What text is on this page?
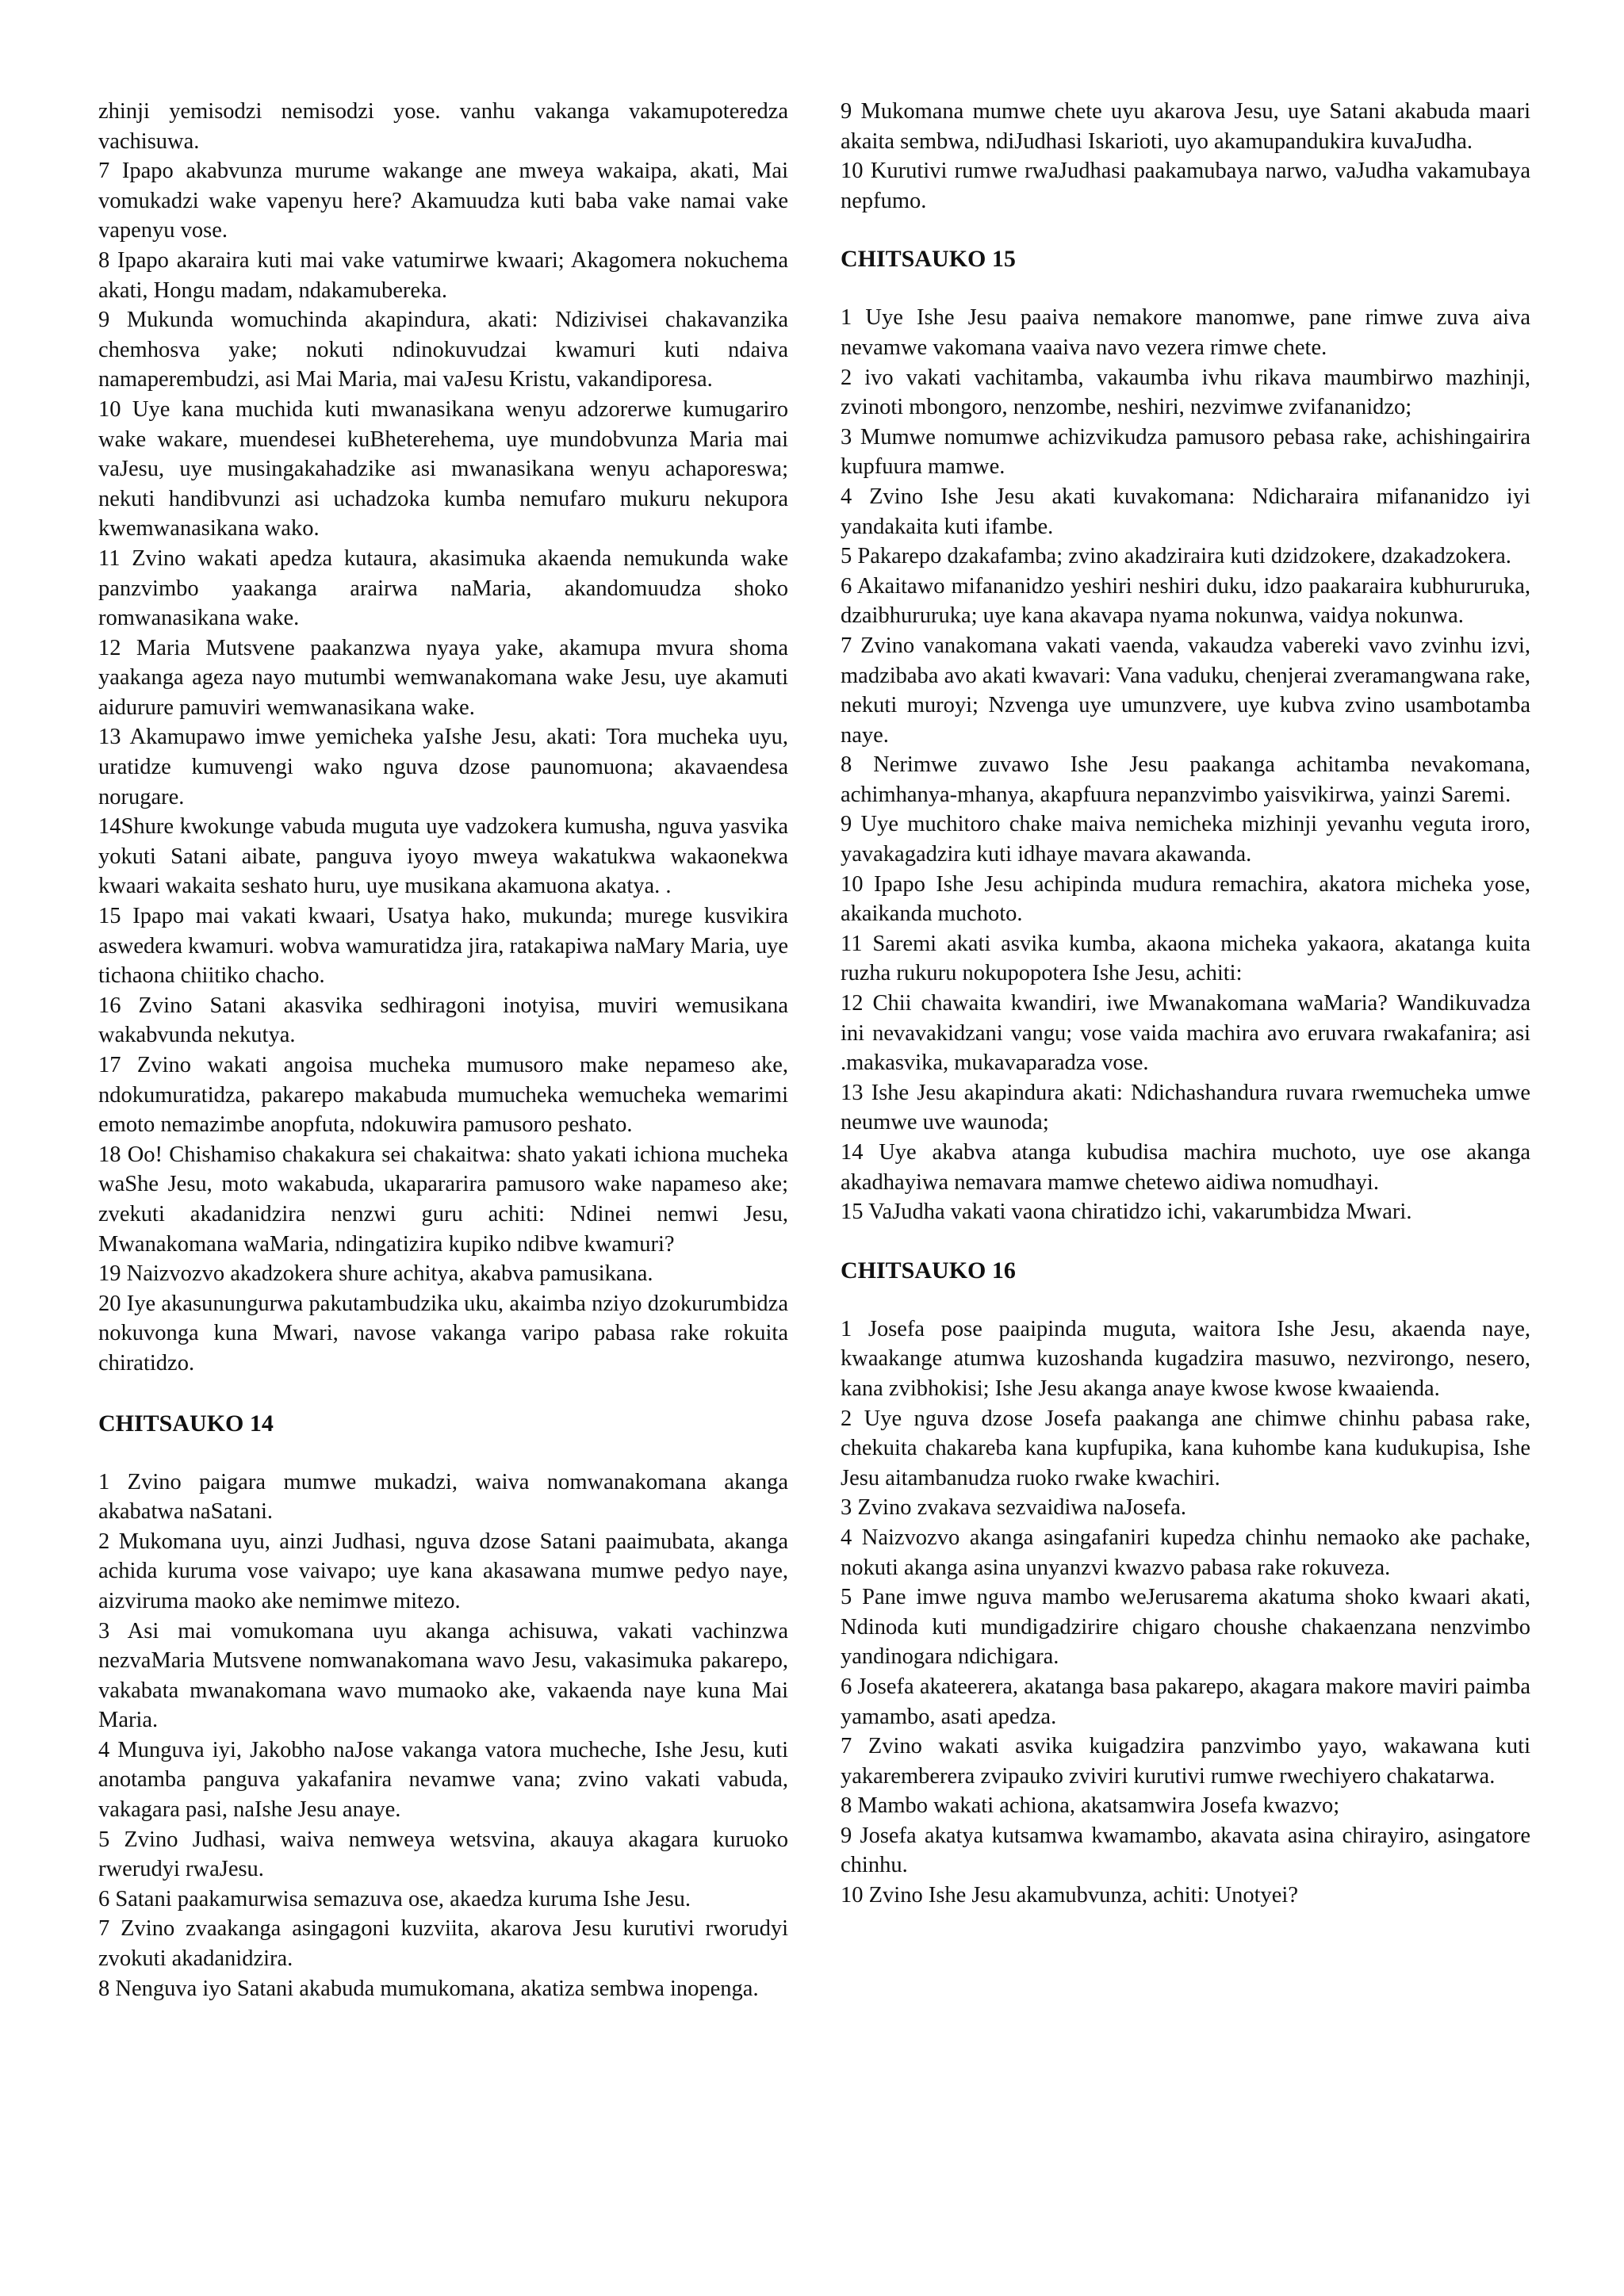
zhinji yemisodzi nemisodzi yose. vanhu vakanga vakamupoteredza vachisuwa.

7 Ipapo akabvunza murume wakange ane mweya wakaipa, akati, Mai vomukadzi wake vapenyu here? Akamuudza kuti baba vake namai vake vapenyu vose.

8 Ipapo akaraira kuti mai vake vatumirwe kwaari; Akagomera nokuchema akati, Hongu madam, ndakamubereka.

9 Mukunda womuchinda akapindura, akati: Ndizivisei chakavanzika chemhosva yake; nokuti ndinokuvudzai kwamuri kuti ndaiva namaperembudzi, asi Mai Maria, mai vaJesu Kristu, vakandiporesa.

10 Uye kana muchida kuti mwanasikana wenyu adzorerwe kumugariro wake wakare, muendesei kuBheterehema, uye mundobvunza Maria mai vaJesu, uye musingakahadzike asi mwanasikana wenyu achaporeswa; nekuti handibvunzi asi uchadzoka kumba nemufaro mukuru nekupora kwemwanasikana wako.

11 Zvino wakati apedza kutaura, akasimuka akaenda nemukunda wake panzvimbo yaakanga arairwa naMaria, akandomuudza shoko romwanasikana wake.

12 Maria Mutsvene paakanzwa nyaya yake, akamupa mvura shoma yaakanga ageza nayo mutumbi wemwanakomana wake Jesu, uye akamuti aidurure pamuviri wemwanasikana wake.

13 Akamupawo imwe yemicheka yaIshe Jesu, akati: Tora mucheka uyu, uratidze kumuvengi wako nguva dzose paunomuona; akavaendesa norugare.

14Shure kwokunge vabuda muguta uye vadzokera kumusha, nguva yasvika yokuti Satani aibate, panguva iyoyo mweya wakatukwa wakaonekwa kwaari wakaita seshato huru, uye musikana akamuona akatya. .

15 Ipapo mai vakati kwaari, Usatya hako, mukunda; murege kusvikira aswedera kwamuri. wobva wamuratidza jira, ratakapiwa naMary Maria, uye tichaona chiitiko chacho.

16 Zvino Satani akasvika sedhiragoni inotyisa, muviri wemusikana wakabvunda nekutya.

17 Zvino wakati angoisa mucheka mumusoro make nepameso ake, ndokumuratidza, pakarepo makabuda mumucheka wemucheka wemarimi emoto nemazimbe anopfuta, ndokuwira pamusoro peshato.

18 Oo! Chishamiso chakakura sei chakaitwa: shato yakati ichiona mucheka waShe Jesu, moto wakabuda, ukapararira pamusoro wake napameso ake; zvekuti akadanidzira nenzwi guru achiti: Ndinei nemwi Jesu, Mwanakomana waMaria, ndingatizira kupiko ndibve kwamuri?

19 Naizvozvo akadzokera shure achitya, akabva pamusikana.

20 Iye akasunungurwa pakutambudzika uku, akaimba nziyo dzokurumbidza nokuvonga kuna Mwari, navose vakanga varipo pabasa rake rokuita chiratidzo.

CHITSAUKO 14

1 Zvino paigara mumwe mukadzi, waiva nomwanakomana akanga akabatwa naSatani.

2 Mukomana uyu, ainzi Judhasi, nguva dzose Satani paaimubata, akanga achida kuruma vose vaivapo; uye kana akasawana mumwe pedyo naye, aizviruma maoko ake nemimwe mitezo.

3 Asi mai vomukomana uyu akanga achisuwa, vakati vachinzwa nezvaMaria Mutsvene nomwanakomana wavo Jesu, vakasimuka pakarepo, vakabata mwanakomana wavo mumaoko ake, vakaenda naye kuna Mai Maria.

4 Munguva iyi, Jakobho naJose vakanga vatora mucheche, Ishe Jesu, kuti anotamba panguva yakafanira nevamwe vana; zvino vakati vabuda, vakagara pasi, naIshe Jesu anaye.

5 Zvino Judhasi, waiva nemweya wetsvina, akauya akagara kuruoko rwerudyi rwaJesu.

6 Satani paakamurwisa semazuva ose, akaedza kuruma Ishe Jesu.

7 Zvino zvaakanga asingagoni kuzviita, akarova Jesu kurutivi rworudyi zvokuti akadanidzira.

8 Nenguva iyo Satani akabuda mumukomana, akatiza sembwa inopenga.

9 Mukomana mumwe chete uyu akarova Jesu, uye Satani akabuda maari akaita sembwa, ndiJudhasi Iskarioti, uyo akamupandukira kuvaJudha.

10 Kurutivi rumwe rwaJudhasi paakamubaya narwo, vaJudha vakamubaya nepfumo.

CHITSAUKO 15

1 Uye Ishe Jesu paaiva nemakore manomwe, pane rimwe zuva aiva nevamwe vakomana vaaiva navo vezera rimwe chete.

2 ivo vakati vachitamba, vakaumba ivhu rikava maumbirwo mazhinji, zvinoti mbongoro, nenzombe, neshiri, nezvimwe zvifananidzo;

3 Mumwe nomumwe achizvikudza pamusoro pebasa rake, achishingairira kupfuura mamwe.

4 Zvino Ishe Jesu akati kuvakomana: Ndicharaira mifananidzo iyi yandakaita kuti ifambe.

5 Pakarepo dzakafamba; zvino akadziraira kuti dzidzokere, dzakadzokera.

6 Akaitawo mifananidzo yeshiri neshiri duku, idzo paakaraira kubhururuka, dzaibhururuka; uye kana akavapa nyama nokunwa, vaidya nokunwa.

7 Zvino vanakomana vakati vaenda, vakaudza vabereki vavo zvinhu izvi, madzibaba avo akati kwavari: Vana vaduku, chenjerai zveramangwana rake, nekuti muroyi; Nzvenga uye umunzvere, uye kubva zvino usambotamba naye.

8 Nerimwe zuvawo Ishe Jesu paakanga achitamba nevakomana, achimhanya-mhanya, akapfuura nepanzvimbo yaisvikirwa, yainzi Saremi.

9 Uye muchitoro chake maiva nemicheka mizhinji yevanhu veguta iroro, yavakagadzira kuti idhaye mavara akawanda.

10 Ipapo Ishe Jesu achipinda mudura remachira, akatora micheka yose, akaikanda muchoto.

11 Saremi akati asvika kumba, akaona micheka yakaora, akatanga kuita ruzha rukuru nokupopotera Ishe Jesu, achiti:

12 Chii chawaita kwandiri, iwe Mwanakomana waMaria? Wandikuvadza ini nevavakidzani vangu; vose vaida machira avo eruvara rwakafanira; asi .makasvika, mukavaparadza vose.

13 Ishe Jesu akapindura akati: Ndichashandura ruvara rwemucheka umwe neumwe uve waunoda;

14 Uye akabva atanga kubudisa machira muchoto, uye ose akanga akadhayiwa nemavara mamwe chetewo aidiwa nomudhayi.

15 VaJudha vakati vaona chiratidzo ichi, vakarumbidza Mwari.

CHITSAUKO 16

1 Josefa pose paaipinda muguta, waitora Ishe Jesu, akaenda naye, kwaakange atumwa kuzoshanda kugadzira masuwo, nezvirongo, nesero, kana zvibhokisi; Ishe Jesu akanga anaye kwose kwose kwaaienda.

2 Uye nguva dzose Josefa paakanga ane chimwe chinhu pabasa rake, chekuita chakareba kana kupfupika, kana kuhombe kana kudukupisa, Ishe Jesu aitambanudza ruoko rwake kwachiri.

3 Zvino zvakava sezvaidiwa naJosefa.

4 Naizvozvo akanga asingafaniri kupedza chinhu nemaoko ake pachake, nokuti akanga asina unyanzvi kwazvo pabasa rake rokuveza.

5 Pane imwe nguva mambo weJerusarema akatuma shoko kwaari akati, Ndinoda kuti mundigadzirire chigaro choushe chakaenzana nenzvimbo yandinogara ndichigara.

6 Josefa akateerera, akatanga basa pakarepo, akagara makore maviri paimba yamambo, asati apedza.

7 Zvino wakati asvika kuigadzira panzvimbo yayo, wakawana kuti yakaremberera zvipauko zviviri kurutivi rumwe rwechiyero chakatarwa.

8 Mambo wakati achiona, akatsamwira Josefa kwazvo;

9 Josefa akatya kutsamwa kwamambo, akavata asina chirayiro, asingatore chinhu.

10 Zvino Ishe Jesu akamubvunza, achiti: Unotyei?
